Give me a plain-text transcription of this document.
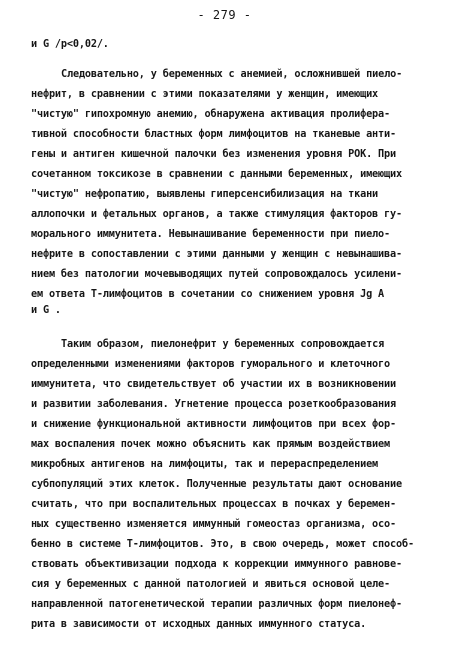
- 279 -
и G /р<0,02/.
Следовательно, у беременных с анемией, осложнившей пиело-
нефрит, в сравнении с этими показателями у женщин, имеющих
"чистую" гипохромную анемию, обнаружена активация пролифера-
тивной способности бластных форм лимфоцитов на тканевые анти-
гены и антиген кишечной палочки без изменения уровня РОК. При
сочетанном токсикозе в сравнении с данными беременных, имеющих
"чистую" нефропатию, выявлены гиперсенсибилизация на ткани
аллопочки и фетальных органов, а также стимуляция факторов гу-
морального иммунитета. Невынашивание беременности при пиело-
нефрите в сопоставлении с этими данными у женщин с невынашива-
нием без патологии мочевыводящих путей сопровождалось усилени-
ем ответа Т-лимфоцитов в сочетании со снижением уровня Jg A
и G .
Таким образом, пиелонефрит у беременных сопровождается
определенными изменениями факторов гуморального и клеточного
иммунитета, что свидетельствует об участии их в возникновении
и развитии заболевания. Угнетение процесса розеткообразования
и снижение функциональной активности лимфоцитов при всех фор-
мах воспаления почек можно объяснить как прямым воздействием
микробных антигенов на лимфоциты, так и перераспределением
субпопуляций этих клеток. Полученные результаты дают основание
считать, что при воспалительных процессах в почках у беремен-
ных существенно изменяется иммунный гомеостаз организма, осо-
бенно в системе Т-лимфоцитов. Это, в свою очередь, может способ-
ствовать объективизации подхода к коррекции иммунного равнове-
сия у беременных с данной патологией и явиться основой целе-
направленной патогенетической терапии различных форм пиелонеф-
рита в зависимости от исходных данных иммунного статуса.
